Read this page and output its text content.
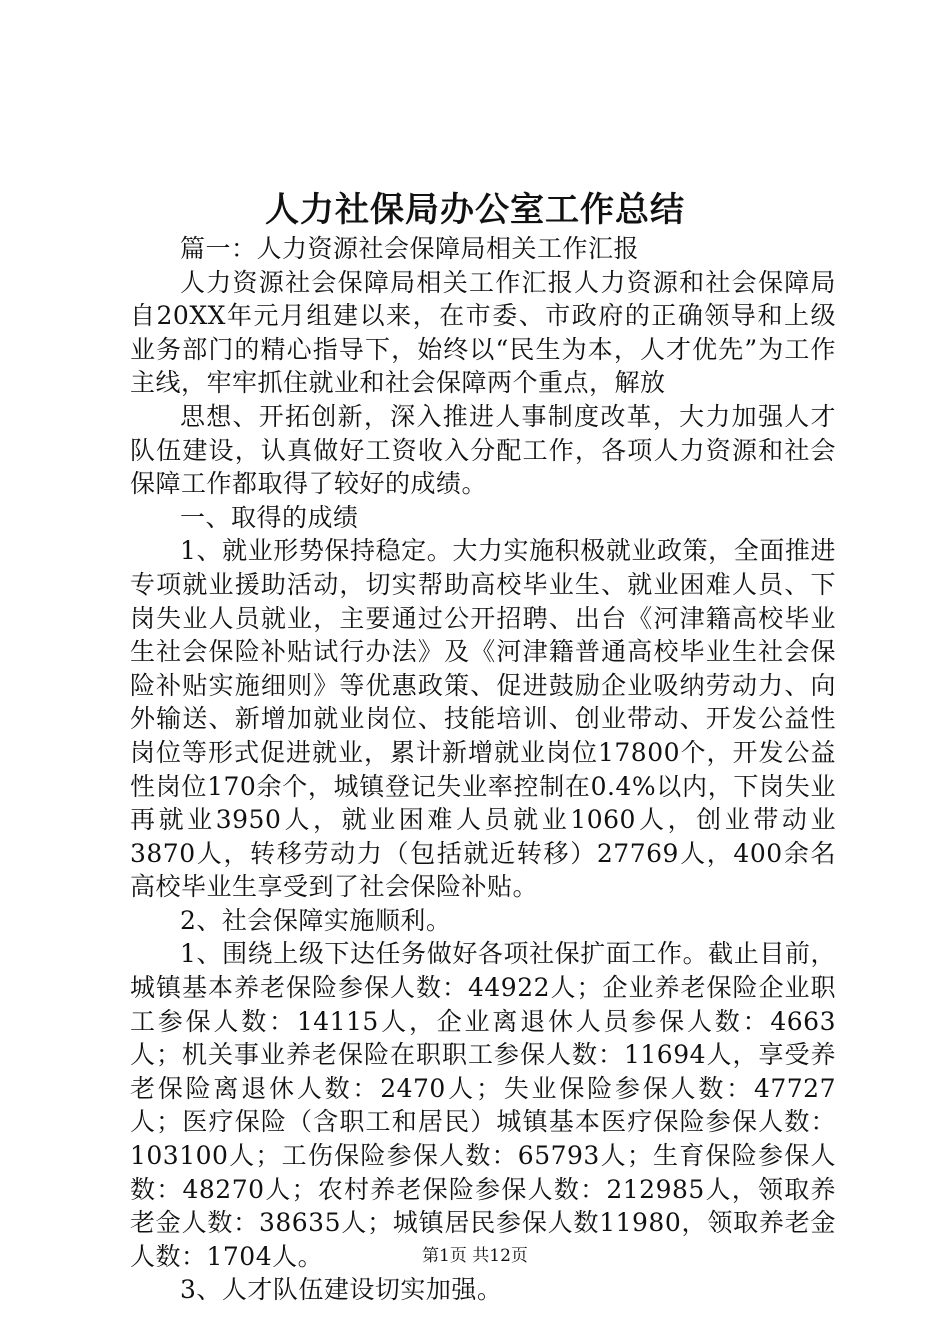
人力社保局办公室工作总结

篇一：人力资源社会保障局相关工作汇报

人力资源社会保障局相关工作汇报人力资源和社会保障局自20XX年元月组建以来，在市委、市政府的正确领导和上级业务部门的精心指导下，始终以“民生为本，人才优先”为工作主线，牢牢抓住就业和社会保障两个重点，解放

思想、开拓创新，深入推进人事制度改革，大力加强人才队伍建设，认真做好工资收入分配工作，各项人力资源和社会保障工作都取得了较好的成绩。

一、取得的成绩

1、就业形势保持稳定。大力实施积极就业政策，全面推进专项就业援助活动，切实帮助高校毕业生、就业困难人员、下岗失业人员就业，主要通过公开招聘、出台《河津籍高校毕业生社会保险补贴试行办法》及《河津籍普通高校毕业生社会保险补贴实施细则》等优惠政策、促进鼓励企业吸纳劳动力、向外输送、新增加就业岗位、技能培训、创业带动、开发公益性岗位等形式促进就业，累计新增就业岗位17800个，开发公益性岗位170余个，城镇登记失业率控制在0.4%以内，下岗失业再就业3950人，就业困难人员就业1060人，创业带动业3870人，转移劳动力（包括就近转移）27769人，400余名高校毕业生享受到了社会保险补贴。

2、社会保障实施顺利。

1、围绕上级下达任务做好各项社保扩面工作。截止目前，城镇基本养老保险参保人数：44922人；企业养老保险企业职工参保人数：14115人，企业离退休人员参保人数：4663人；机关事业养老保险在职职工参保人数：11694人，享受养老保险离退休人数：2470人；失业保险参保人数：47727人；医疗保险（含职工和居民）城镇基本医疗保险参保人数：103100人；工伤保险参保人数：65793人；生育保险参保人数：48270人；农村养老保险参保人数：212985人，领取养老金人数：38635人；城镇居民参保人数11980，领取养老金人数：1704人。

3、人才队伍建设切实加强。

第1页 共12页
